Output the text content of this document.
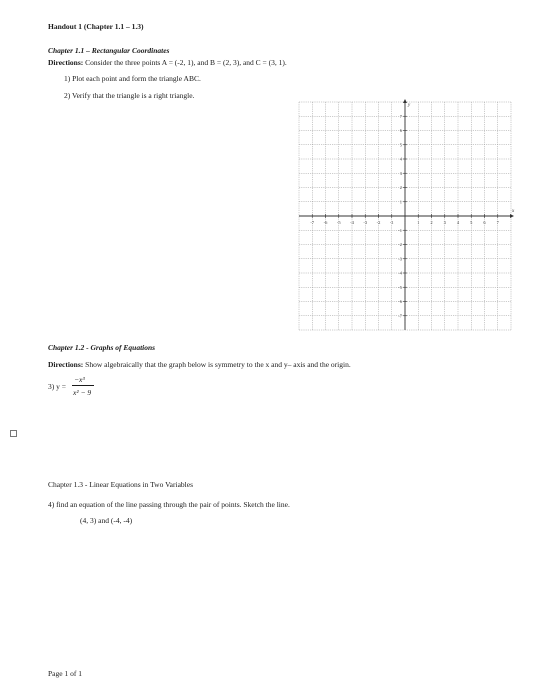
Handout 1 (Chapter 1.1 – 1.3)
Chapter 1.1 – Rectangular Coordinates
Directions: Consider the three points A = (-2, 1), and B = (2, 3), and C = (3, 1).
1) Plot each point and form the triangle ABC.
2) Verify that the triangle is a right triangle.
-7 -6 -5 -4 -3 -2 -1	1 2 3 4 5 6 7
7
6
5
4
3
2
1
-1
-2
-3
-4
-5
-6
-7
x
y
Chapter 1.2 - Graphs of Equations
Directions: Show algebraically that the graph below is symmetry to the x and y– axis and the origin.
3) y =
−x³
x² − 9
Chapter 1.3 - Linear Equations in Two Variables
4) find an equation of the line passing through the pair of points. Sketch the line.
(4, 3) and (-4, -4)
Page 1 of 1
